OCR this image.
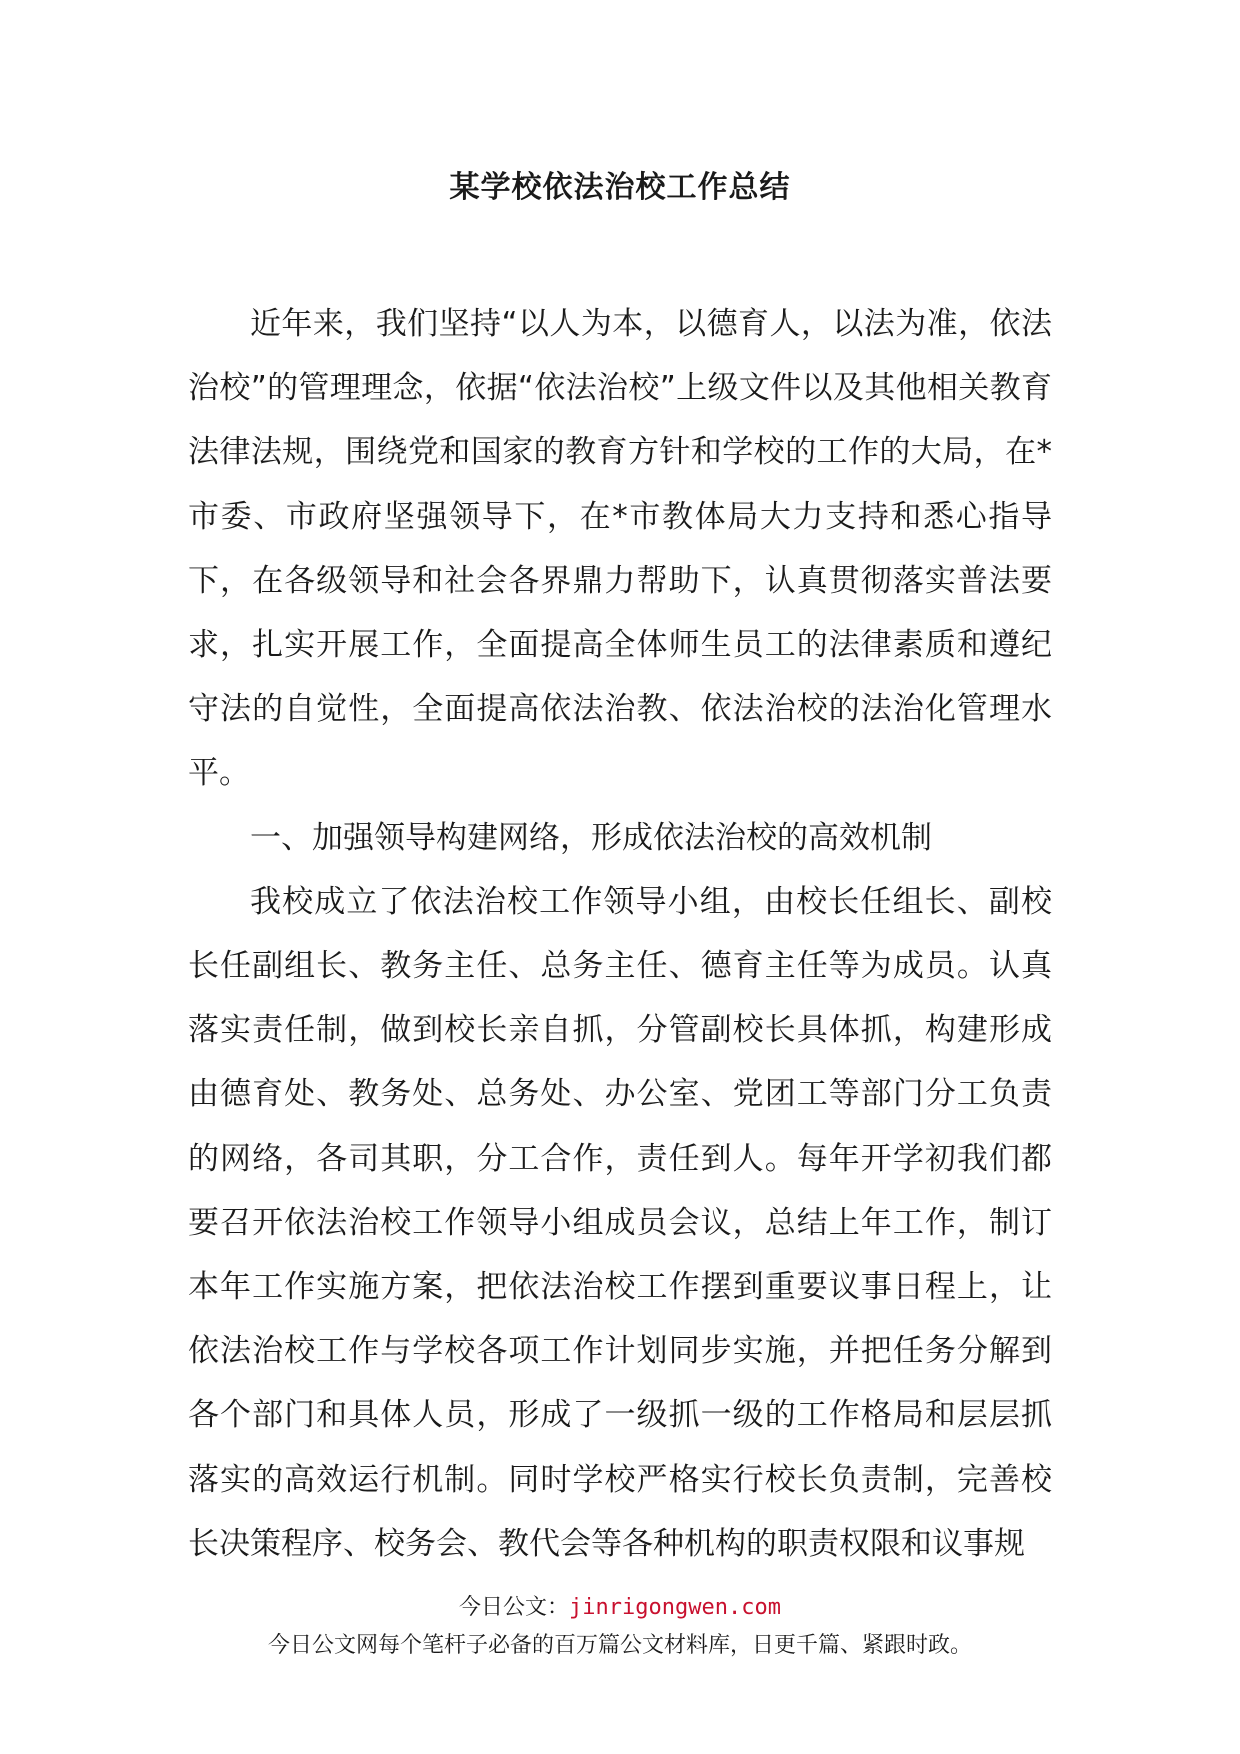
某学校依法治校工作总结

近年来，我们坚持“以人为本，以德育人，以法为准，依法治校”的管理理念，依据“依法治校”上级文件以及其他相关教育法律法规，围绕党和国家的教育方针和学校的工作的大局，在*市委、市政府坚强领导下，在*市教体局大力支持和悉心指导下，在各级领导和社会各界鼎力帮助下，认真贯彻落实普法要求，扎实开展工作，全面提高全体师生员工的法律素质和遵纪守法的自觉性，全面提高依法治教、依法治校的法治化管理水平。

一、加强领导构建网络，形成依法治校的高效机制

我校成立了依法治校工作领导小组，由校长任组长、副校长任副组长、教务主任、总务主任、德育主任等为成员。认真落实责任制，做到校长亲自抓，分管副校长具体抓，构建形成由德育处、教务处、总务处、办公室、党团工等部门分工负责的网络，各司其职，分工合作，责任到人。每年开学初我们都要召开依法治校工作领导小组成员会议，总结上年工作，制订本年工作实施方案，把依法治校工作摆到重要议事日程上，让依法治校工作与学校各项工作计划同步实施，并把任务分解到各个部门和具体人员，形成了一级抓一级的工作格局和层层抓落实的高效运行机制。同时学校严格实行校长负责制，完善校长决策程序、校务会、教代会等各种机构的职责权限和议事规

今日公文：jinrigongwen.com
今日公文网每个笔杆子必备的百万篇公文材料库，日更千篇、紧跟时政。
